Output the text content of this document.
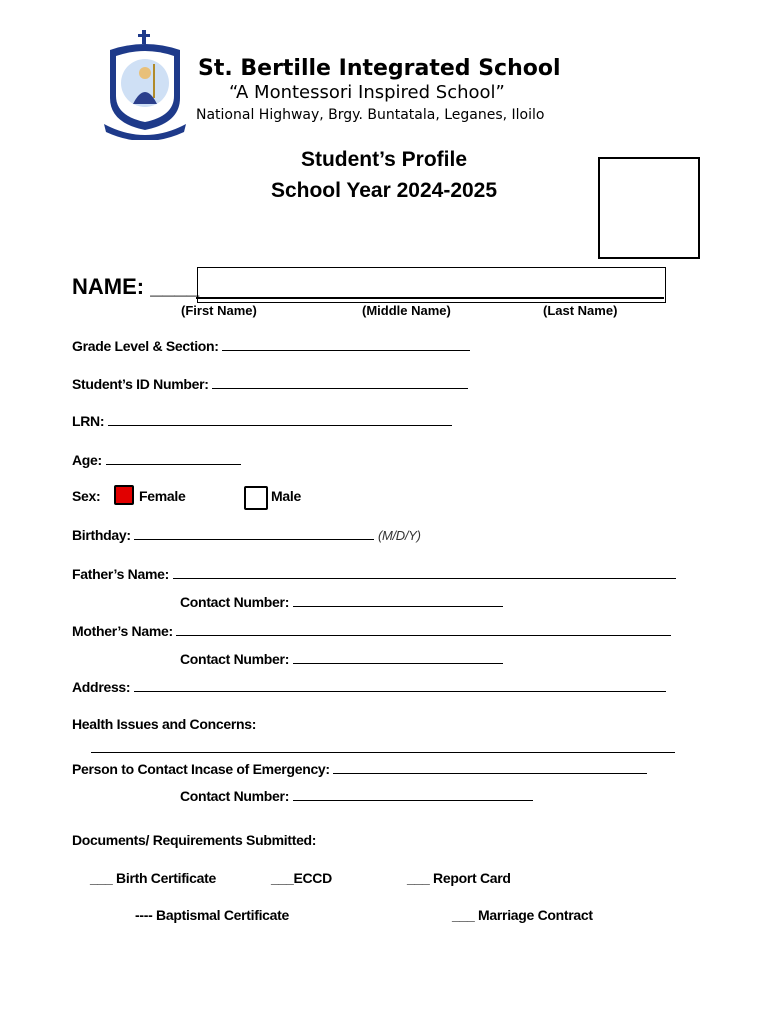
St. Bertille Integrated School
“A Montessori Inspired School”
National Highway, Brgy. Buntatala, Leganes, Iloilo
Student’s Profile
School Year 2024-2025
NAME: ____
(First Name)	(Middle Name)	(Last Name)
Grade Level & Section:
Student’s ID Number:
LRN:
Age:
Sex:	Female	Male
Birthday:	(M/D/Y)
Father’s Name:
Contact Number:
Mother’s Name:
Contact Number:
Address:
Health Issues and Concerns:
Person to Contact Incase of Emergency:
Contact Number:
Documents/ Requirements Submitted:
___ Birth Certificate	___ECCD	___ Report Card
---- Baptismal Certificate	___ Marriage Contract
